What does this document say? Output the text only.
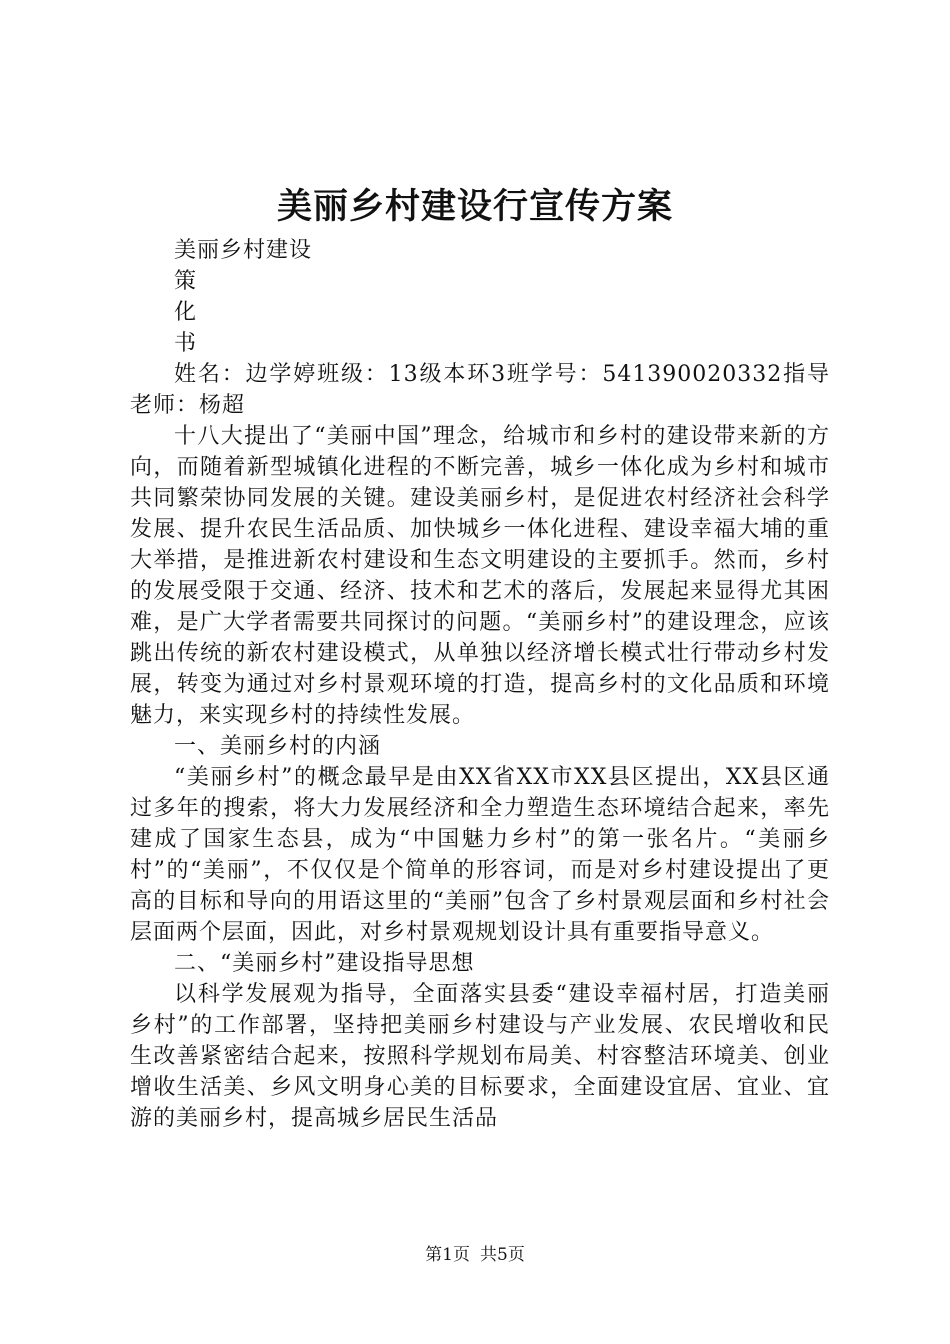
美丽乡村建设行宣传方案

美丽乡村建设

策

化

书

姓名：边学婷班级：13级本环3班学号：541390020332指导老师：杨超

十八大提出了“美丽中国”理念，给城市和乡村的建设带来新的方向，而随着新型城镇化进程的不断完善，城乡一体化成为乡村和城市共同繁荣协同发展的关键。建设美丽乡村，是促进农村经济社会科学发展、提升农民生活品质、加快城乡一体化进程、建设幸福大埔的重大举措，是推进新农村建设和生态文明建设的主要抓手。然而，乡村的发展受限于交通、经济、技术和艺术的落后，发展起来显得尤其困难，是广大学者需要共同探讨的问题。“美丽乡村”的建设理念，应该跳出传统的新农村建设模式，从单独以经济增长模式壮行带动乡村发展，转变为通过对乡村景观环境的打造，提高乡村的文化品质和环境魅力，来实现乡村的持续性发展。

一、美丽乡村的内涵

“美丽乡村”的概念最早是由XX省XX市XX县区提出，XX县区通过多年的搜索，将大力发展经济和全力塑造生态环境结合起来，率先建成了国家生态县，成为“中国魅力乡村”的第一张名片。“美丽乡村”的“美丽”，不仅仅是个简单的形容词，而是对乡村建设提出了更高的目标和导向的用语这里的“美丽”包含了乡村景观层面和乡村社会层面两个层面，因此，对乡村景观规划设计具有重要指导意义。

二、“美丽乡村”建设指导思想

以科学发展观为指导，全面落实县委“建设幸福村居，打造美丽乡村”的工作部署，坚持把美丽乡村建设与产业发展、农民增收和民生改善紧密结合起来，按照科学规划布局美、村容整洁环境美、创业增收生活美、乡风文明身心美的目标要求，全面建设宜居、宜业、宜游的美丽乡村，提高城乡居民生活品

第1页 共5页
